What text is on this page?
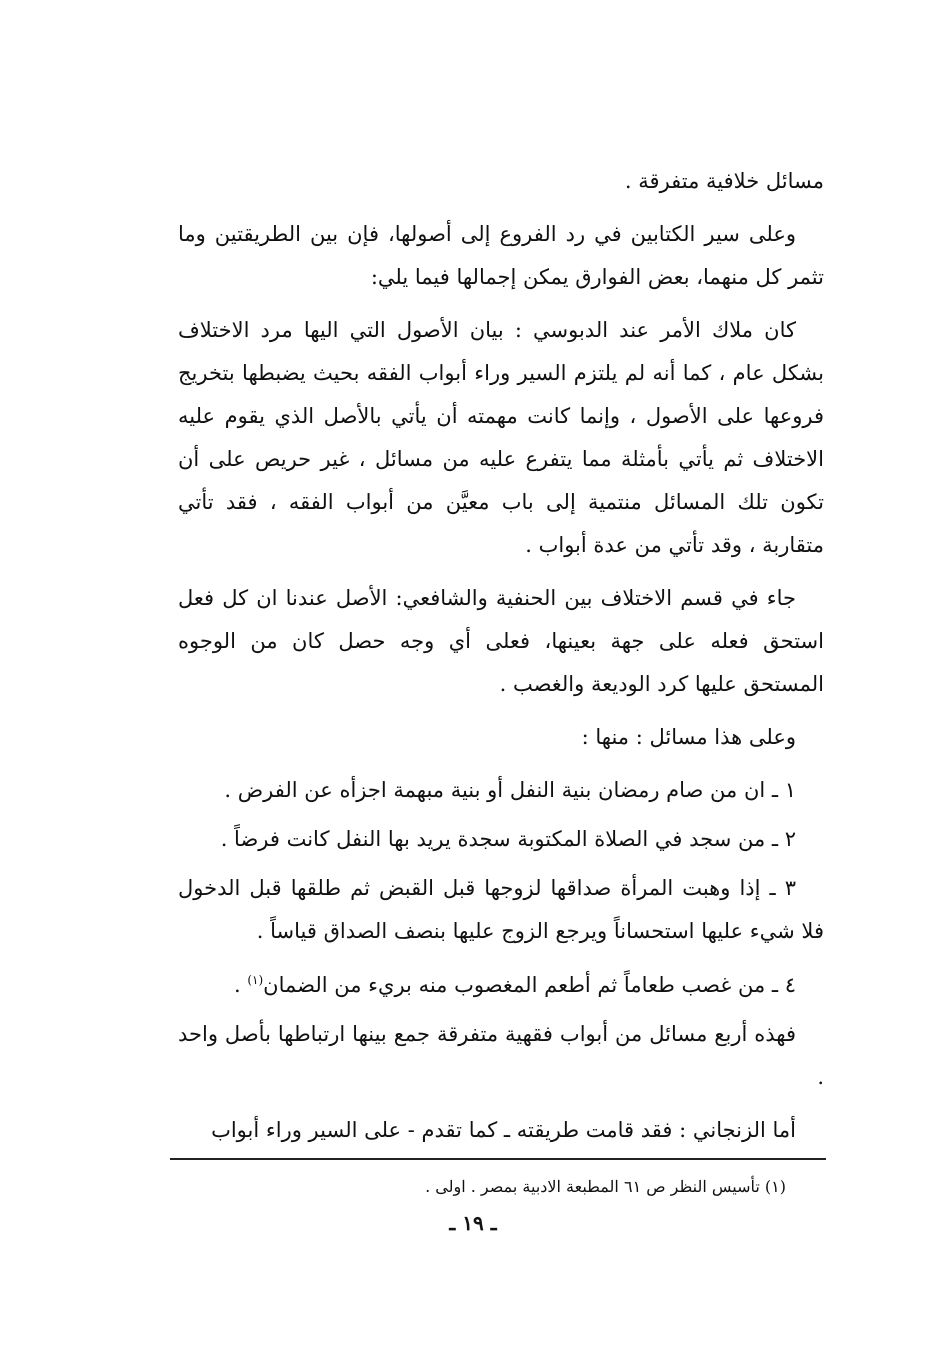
مسائل خلافية متفرقة .

وعلى سير الكتابين في رد الفروع إلى أصولها، فإن بين الطريقتين وما تثمر كل منهما، بعض الفوارق يمكن إجمالها فيما يلي:

كان ملاك الأمر عند الدبوسي : بيان الأصول التي اليها مرد الاختلاف بشكل عام ، كما أنه لم يلتزم السير وراء أبواب الفقه بحيث يضبطها بتخريج فروعها على الأصول ، وإنما كانت مهمته أن يأتي بالأصل الذي يقوم عليه الاختلاف ثم يأتي بأمثلة مما يتفرع عليه من مسائل ، غير حريص على أن تكون تلك المسائل منتمية إلى باب معيَّن من أبواب الفقه ، فقد تأتي متقاربة ، وقد تأتي من عدة أبواب .

جاء في قسم الاختلاف بين الحنفية والشافعي: الأصل عندنا ان كل فعل استحق فعله على جهة بعينها، فعلى أي وجه حصل كان من الوجوه المستحق عليها كرد الوديعة والغصب .

وعلى هذا مسائل : منها :

١ ـ ان من صام رمضان بنية النفل أو بنية مبهمة اجزأه عن الفرض .

٢ ـ من سجد في الصلاة المكتوبة سجدة يريد بها النفل كانت فرضاً .

٣ ـ إذا وهبت المرأة صداقها لزوجها قبل القبض ثم طلقها قبل الدخول فلا شيء عليها استحساناً ويرجع الزوج عليها بنصف الصداق قياساً .

٤ ـ من غصب طعاماً ثم أطعم المغصوب منه بريء من الضمان$^{(١)}$ .

فهذه أربع مسائل من أبواب فقهية متفرقة جمع بينها ارتباطها بأصل واحد .

أما الزنجاني : فقد قامت طريقته ـ كما تقدم - على السير وراء أبواب

(١) تأسيس النظر ص ٦١ المطبعة الادبية بمصر . اولى .
ـ ١٩ ـ
